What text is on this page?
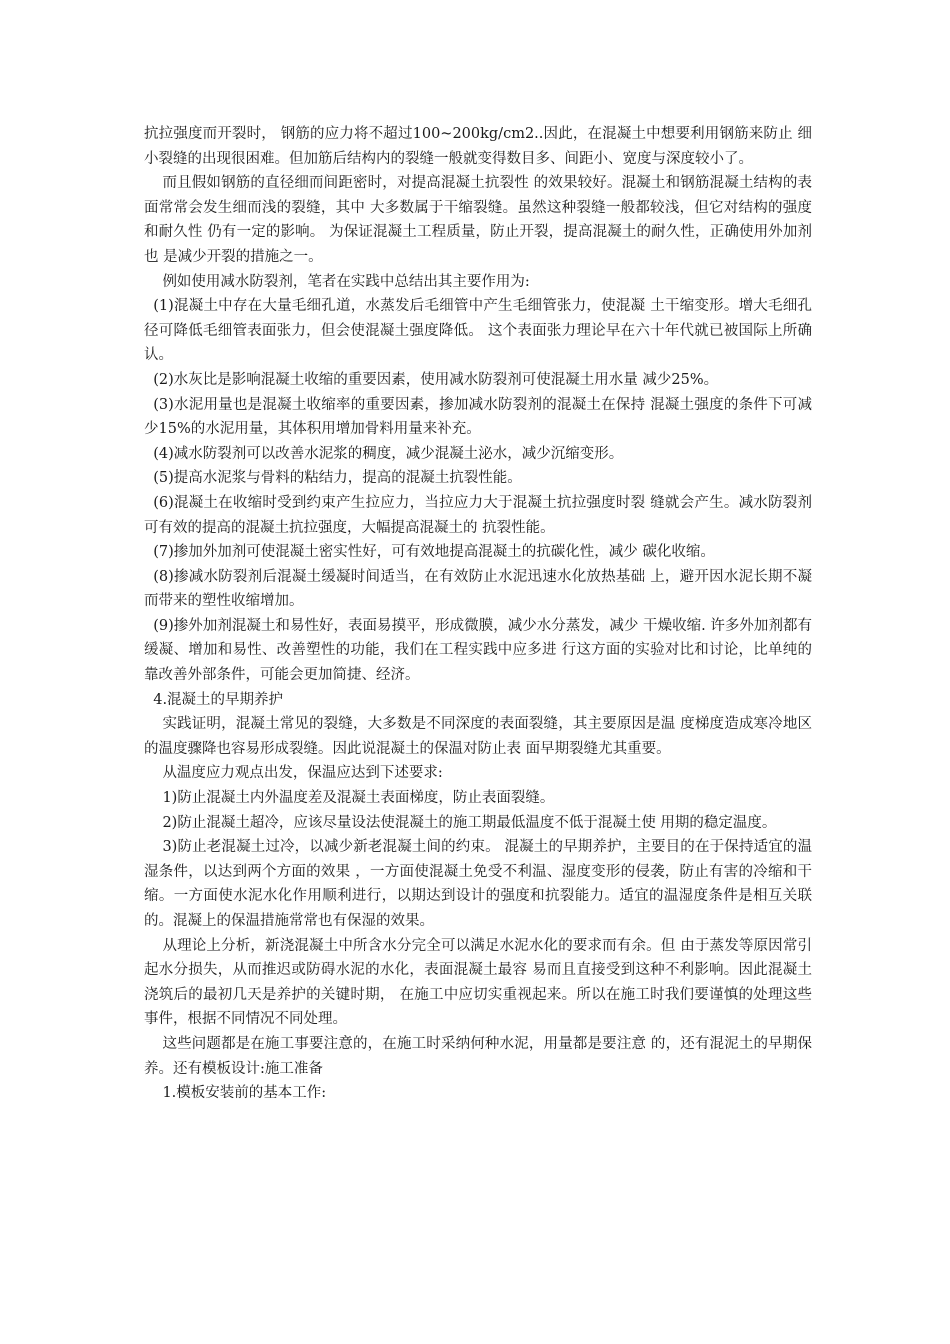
抗拉强度而开裂时， 钢筋的应力将不超过100~200kg/cm2..因此，在混凝土中想要利用钢筋来防止 细小裂缝的出现很困难。但加筋后结构内的裂缝一般就变得数目多、间距小、宽度与深度较小了。

而且假如钢筋的直径细而间距密时，对提高混凝土抗裂性 的效果较好。混凝土和钢筋混凝土结构的表面常常会发生细而浅的裂缝，其中 大多数属于干缩裂缝。虽然这种裂缝一般都较浅，但它对结构的强度和耐久性 仍有一定的影响。 为保证混凝土工程质量，防止开裂，提高混凝土的耐久性，正确使用外加剂也 是减少开裂的措施之一。

例如使用减水防裂剂，笔者在实践中总结出其主要作用为:

(1)混凝土中存在大量毛细孔道，水蒸发后毛细管中产生毛细管张力，使混凝 土干缩变形。增大毛细孔径可降低毛细管表面张力，但会使混凝土强度降低。 这个表面张力理论早在六十年代就已被国际上所确认。

(2)水灰比是影响混凝土收缩的重要因素，使用减水防裂剂可使混凝土用水量 减少25%。

(3)水泥用量也是混凝土收缩率的重要因素，掺加减水防裂剂的混凝土在保持 混凝土强度的条件下可减少15%的水泥用量，其体积用增加骨料用量来补充。

(4)减水防裂剂可以改善水泥浆的稠度，减少混凝土泌水，减少沉缩变形。

(5)提高水泥浆与骨料的粘结力，提高的混凝土抗裂性能。

(6)混凝土在收缩时受到约束产生拉应力，当拉应力大于混凝土抗拉强度时裂 缝就会产生。减水防裂剂可有效的提高的混凝土抗拉强度，大幅提高混凝土的 抗裂性能。

(7)掺加外加剂可使混凝土密实性好，可有效地提高混凝土的抗碳化性，减少 碳化收缩。

(8)掺减水防裂剂后混凝土缓凝时间适当，在有效防止水泥迅速水化放热基础 上，避开因水泥长期不凝而带来的塑性收缩增加。

(9)掺外加剂混凝土和易性好，表面易摸平，形成微膜，减少水分蒸发，减少 干燥收缩. 许多外加剂都有缓凝、增加和易性、改善塑性的功能，我们在工程实践中应多进 行这方面的实验对比和讨论，比单纯的靠改善外部条件，可能会更加简捷、经济。

4.混凝土的早期养护

实践证明，混凝土常见的裂缝，大多数是不同深度的表面裂缝，其主要原因是温 度梯度造成寒冷地区的温度骤降也容易形成裂缝。因此说混凝土的保温对防止表 面早期裂缝尤其重要。

从温度应力观点出发，保温应达到下述要求:

1)防止混凝土内外温度差及混凝土表面梯度，防止表面裂缝。

2)防止混凝土超冷，应该尽量设法使混凝土的施工期最低温度不低于混凝土使 用期的稳定温度。

3)防止老混凝土过冷，以减少新老混凝土间的约束。 混凝土的早期养护，主要目的在于保持适宜的温湿条件，以达到两个方面的效果 ，一方面使混凝土免受不利温、湿度变形的侵袭，防止有害的冷缩和干缩。一方面使水泥水化作用顺利进行，以期达到设计的强度和抗裂能力。适宜的温湿度条件是相互关联的。混凝上的保温措施常常也有保湿的效果。

从理论上分析，新浇混凝土中所含水分完全可以满足水泥水化的要求而有余。但 由于蒸发等原因常引起水分损失，从而推迟或防碍水泥的水化，表面混凝土最容 易而且直接受到这种不利影响。因此混凝土浇筑后的最初几天是养护的关键时期， 在施工中应切实重视起来。所以在施工时我们要谨慎的处理这些事件，根据不同情况不同处理。

这些问题都是在施工事要注意的，在施工时采纳何种水泥，用量都是要注意 的，还有混泥土的早期保养。还有模板设计:施工准备

1.模板安装前的基本工作:
